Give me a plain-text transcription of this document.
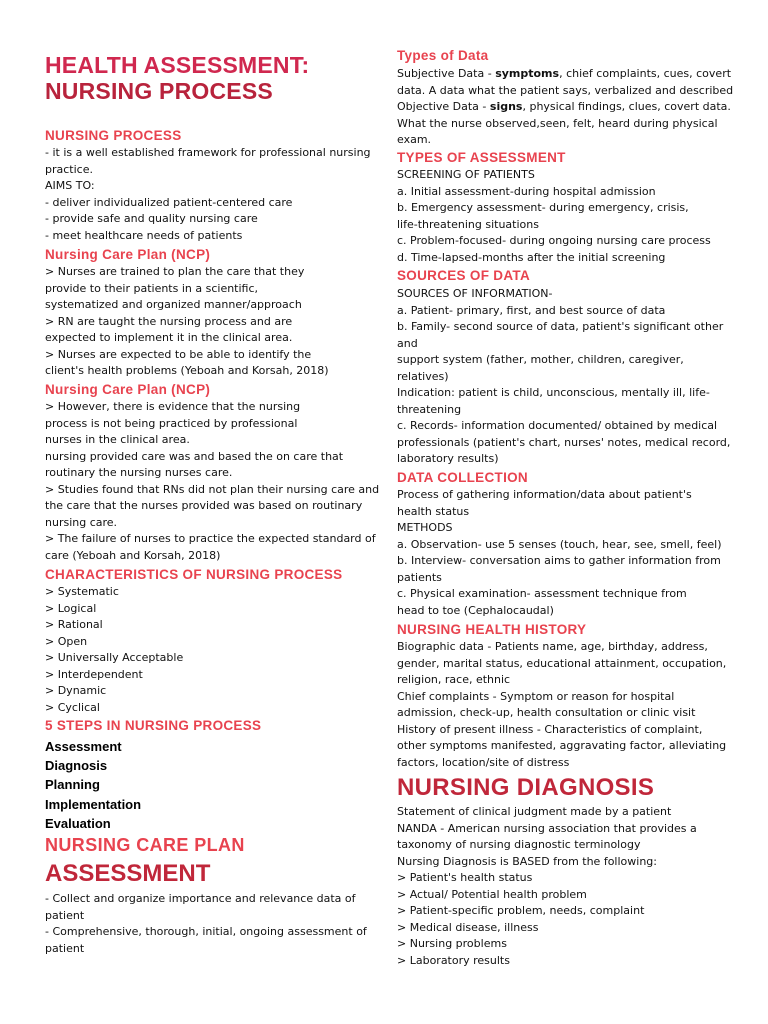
HEALTH ASSESSMENT:
NURSING PROCESS
NURSING PROCESS
- it is a well established framework for professional nursing
practice.
AIMS TO:
- deliver individualized patient-centered care
- provide safe and quality nursing care
- meet healthcare needs of patients
Nursing Care Plan (NCP)
> Nurses are trained to plan the care that they
provide to their patients in a scientific,
systematized and organized manner/approach
> RN are taught the nursing process and are
expected to implement it in the clinical area.
> Nurses are expected to be able to identify the
client's health problems (Yeboah and Korsah, 2018)
Nursing Care Plan (NCP)
> However, there is evidence that the nursing
process is not being practiced by professional
nurses in the clinical area.
nursing provided care was and based the on care that
routinary the nursing nurses care.
> Studies found that RNs did not plan their nursing care and
the care that the nurses provided was based on routinary
nursing care.
> The failure of nurses to practice the expected standard of
care (Yeboah and Korsah, 2018)
CHARACTERISTICS OF NURSING PROCESS
> Systematic
> Logical
> Rational
> Open
> Universally Acceptable
> Interdependent
> Dynamic
> Cyclical
5 STEPS IN NURSING PROCESS
Assessment
Diagnosis
Planning
Implementation
Evaluation
NURSING CARE PLAN
ASSESSMENT
- Collect and organize importance and relevance data of
patient
- Comprehensive, thorough, initial, ongoing assessment of
patient
Types of Data
Subjective Data - symptoms, chief complaints, cues, covert
data. A data what the patient says, verbalized and described
Objective Data - signs, physical findings, clues, covert data.
What the nurse observed,seen, felt, heard during physical
exam.
TYPES OF ASSESSMENT
SCREENING OF PATIENTS
a. Initial assessment-during hospital admission
b. Emergency assessment- during emergency, crisis,
life-threatening situations
c. Problem-focused- during ongoing nursing care process
d. Time-lapsed-months after the initial screening
SOURCES OF DATA
SOURCES OF INFORMATION-
a. Patient- primary, first, and best source of data
b. Family- second source of data, patient's significant other
and
support system (father, mother, children, caregiver,
relatives)
Indication: patient is child, unconscious, mentally ill, life-
threatening
c. Records- information documented/ obtained by medical
professionals (patient's chart, nurses' notes, medical record,
laboratory results)
DATA COLLECTION
Process of gathering information/data about patient's
health status
METHODS
a. Observation- use 5 senses (touch, hear, see, smell, feel)
b. Interview- conversation aims to gather information from
patients
c. Physical examination- assessment technique from
head to toe (Cephalocaudal)
NURSING HEALTH HISTORY
Biographic data - Patients name, age, birthday, address,
gender, marital status, educational attainment, occupation,
religion, race, ethnic
Chief complaints - Symptom or reason for hospital
admission, check-up, health consultation or clinic visit
History of present illness - Characteristics of complaint,
other symptoms manifested, aggravating factor, alleviating
factors, location/site of distress
NURSING DIAGNOSIS
Statement of clinical judgment made by a patient
NANDA - American nursing association that provides a
taxonomy of nursing diagnostic terminology
Nursing Diagnosis is BASED from the following:
> Patient's health status
> Actual/ Potential health problem
> Patient-specific problem, needs, complaint
> Medical disease, illness
> Nursing problems
> Laboratory results
